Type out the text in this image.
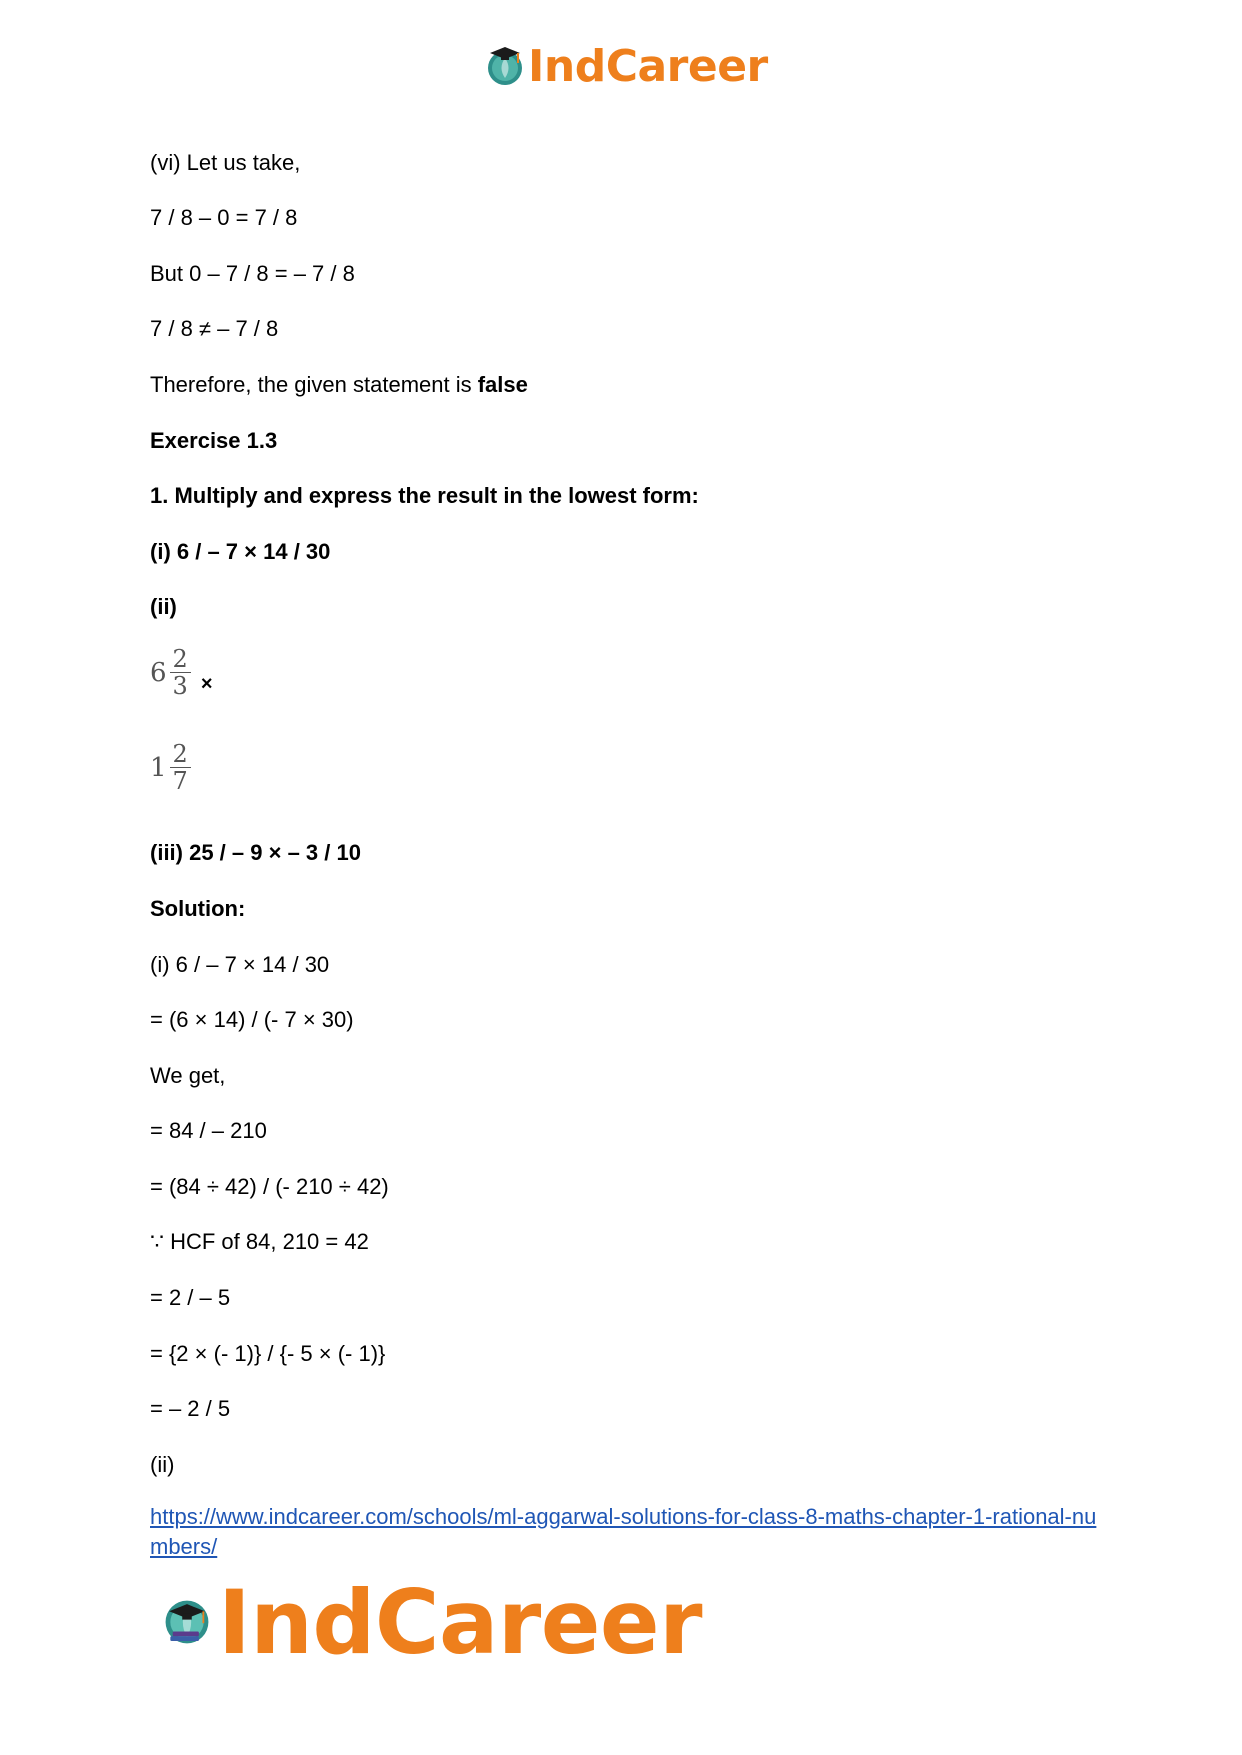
IndCareer
(vi) Let us take,
7 / 8 – 0 = 7 / 8
But 0 – 7 / 8 = – 7 / 8
7 / 8 ≠ – 7 / 8
Therefore, the given statement is false
Exercise 1.3
1. Multiply and express the result in the lowest form:
(i) 6 / – 7 × 14 / 30
(ii)
$6 \frac{2}{3}$ ×
$1 \frac{2}{7}$
(iii) 25 / – 9 × – 3 / 10
Solution:
(i) 6 / – 7 × 14 / 30
= (6 × 14) / (- 7 × 30)
We get,
= 84 / – 210
= (84 ÷ 42) / (- 210 ÷ 42)
∵ HCF of 84, 210 = 42
= 2 / – 5
= {2 × (- 1)} / {- 5 × (- 1)}
= – 2 / 5
(ii)
https://www.indcareer.com/schools/ml-aggarwal-solutions-for-class-8-maths-chapter-1-rational-numbers/
IndCareer
